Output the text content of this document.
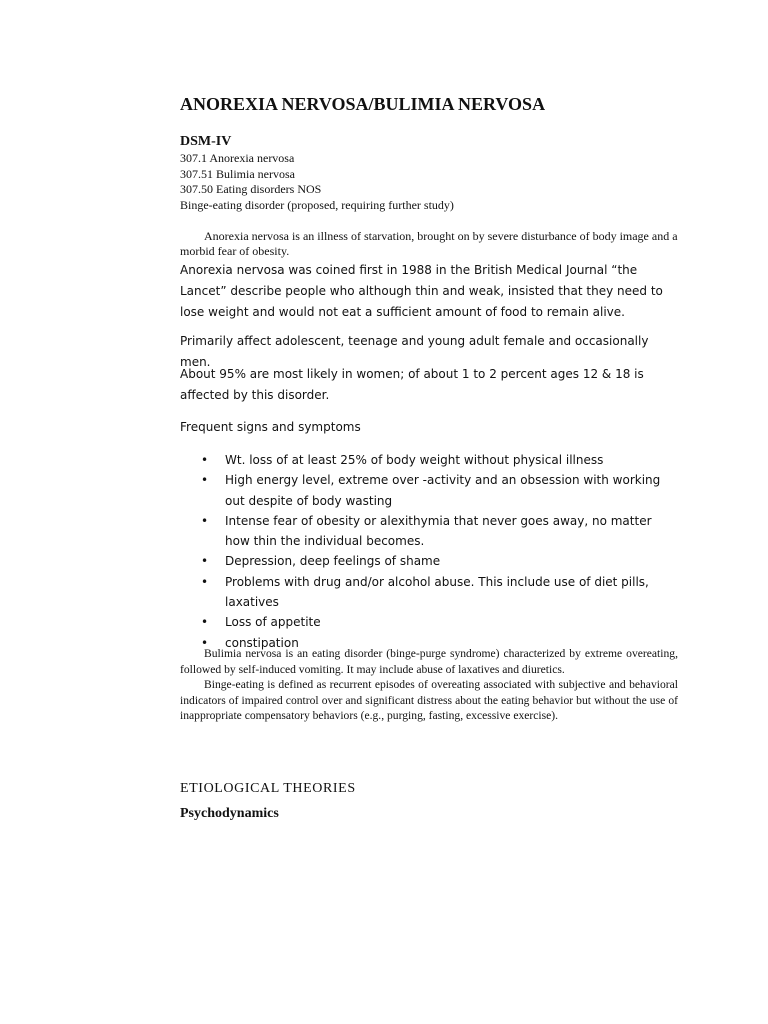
ANOREXIA NERVOSA/BULIMIA NERVOSA
DSM-IV
307.1 Anorexia nervosa
307.51 Bulimia nervosa
307.50 Eating disorders NOS
Binge-eating disorder (proposed, requiring further study)

Anorexia nervosa is an illness of starvation, brought on by severe disturbance of body image and a morbid fear of obesity.

Anorexia nervosa was coined first in 1988 in the British Medical Journal “the Lancet” describe people who although thin and weak, insisted that they need to lose weight and would not eat a sufficient amount of food to remain alive.

Primarily affect adolescent, teenage and young adult female and occasionally men.

About 95% are most likely in women; of about 1 to 2 percent ages 12 & 18 is affected by this disorder.

Frequent signs and symptoms

• Wt. loss of at least 25% of body weight without physical illness
• High energy level, extreme over -activity and an obsession with working out despite of body wasting
• Intense fear of obesity or alexithymia that never goes away, no matter how thin the individual becomes.
• Depression, deep feelings of shame
• Problems with drug and/or alcohol abuse. This include use of diet pills, laxatives
• Loss of appetite
• constipation

Bulimia nervosa is an eating disorder (binge-purge syndrome) characterized by extreme overeating, followed by self-induced vomiting. It may include abuse of laxatives and diuretics.

Binge-eating is defined as recurrent episodes of overeating associated with subjective and behavioral indicators of impaired control over and significant distress about the eating behavior but without the use of inappropriate compensatory behaviors (e.g., purging, fasting, excessive exercise).

ETIOLOGICAL THEORIES
Psychodynamics
